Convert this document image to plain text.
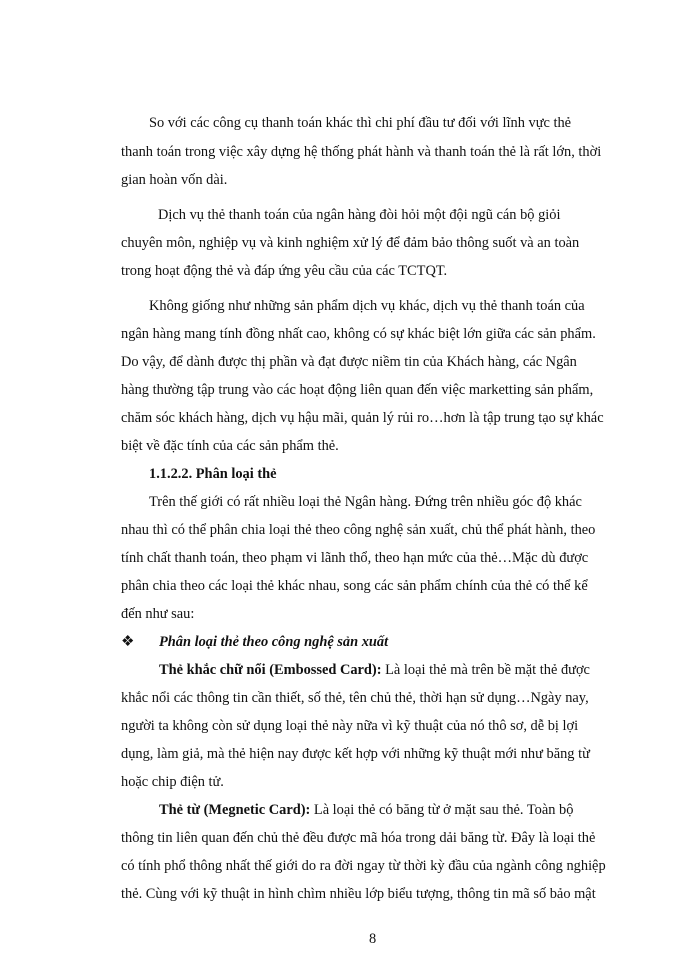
So với các công cụ thanh toán khác thì chi phí đầu tư đối với lĩnh vực thẻ
thanh toán trong việc xây dựng hệ thống phát hành và thanh toán thẻ là rất lớn, thời
gian hoàn vốn dài.
Dịch vụ thẻ thanh toán của ngân hàng đòi hỏi một đội ngũ cán bộ giỏi
chuyên môn, nghiệp vụ và kinh nghiệm xử lý để đảm bảo thông suốt và an toàn
trong hoạt động thẻ và đáp ứng yêu cầu của các TCTQT.
Không giống như những sản phẩm dịch vụ khác, dịch vụ thẻ thanh toán của
ngân hàng mang tính đồng nhất cao, không có sự khác biệt lớn giữa các sản phẩm.
Do vậy, để dành được thị phần và đạt được niềm tin của Khách hàng, các Ngân
hàng thường tập trung vào các hoạt động liên quan đến việc marketting sản phẩm,
chăm sóc khách hàng, dịch vụ hậu mãi, quản lý rủi ro…hơn là tập trung tạo sự khác
biệt về đặc tính của các sản phẩm thẻ.
1.1.2.2. Phân loại thẻ
Trên thế giới có rất nhiều loại thẻ Ngân hàng. Đứng trên nhiều góc độ khác
nhau thì có thể phân chia loại thẻ theo công nghệ sản xuất, chủ thể phát hành, theo
tính chất thanh toán, theo phạm vi lãnh thổ, theo hạn mức của thẻ…Mặc dù được
phân chia theo các loại thẻ khác nhau, song các sản phẩm chính của thẻ có thể kể
đến như sau:
❖ Phân loại thẻ theo công nghệ sản xuất
Thẻ khắc chữ nổi (Embossed Card): Là loại thẻ mà trên bề mặt thẻ được
khắc nổi các thông tin cần thiết, số thẻ, tên chủ thẻ, thời hạn sử dụng…Ngày nay,
người ta không còn sử dụng loại thẻ này nữa vì kỹ thuật của nó thô sơ, dễ bị lợi
dụng, làm giả, mà thẻ hiện nay được kết hợp với những kỹ thuật mới như băng từ
hoặc chip điện tử.
Thẻ từ (Megnetic Card): Là loại thẻ có băng từ ở mặt sau thẻ. Toàn bộ
thông tin liên quan đến chủ thẻ đều được mã hóa trong dải băng từ. Đây là loại thẻ
có tính phổ thông nhất thế giới do ra đời ngay từ thời kỳ đầu của ngành công nghiệp
thẻ. Cùng với kỹ thuật in hình chìm nhiều lớp biểu tượng, thông tin mã số bảo mật
8
